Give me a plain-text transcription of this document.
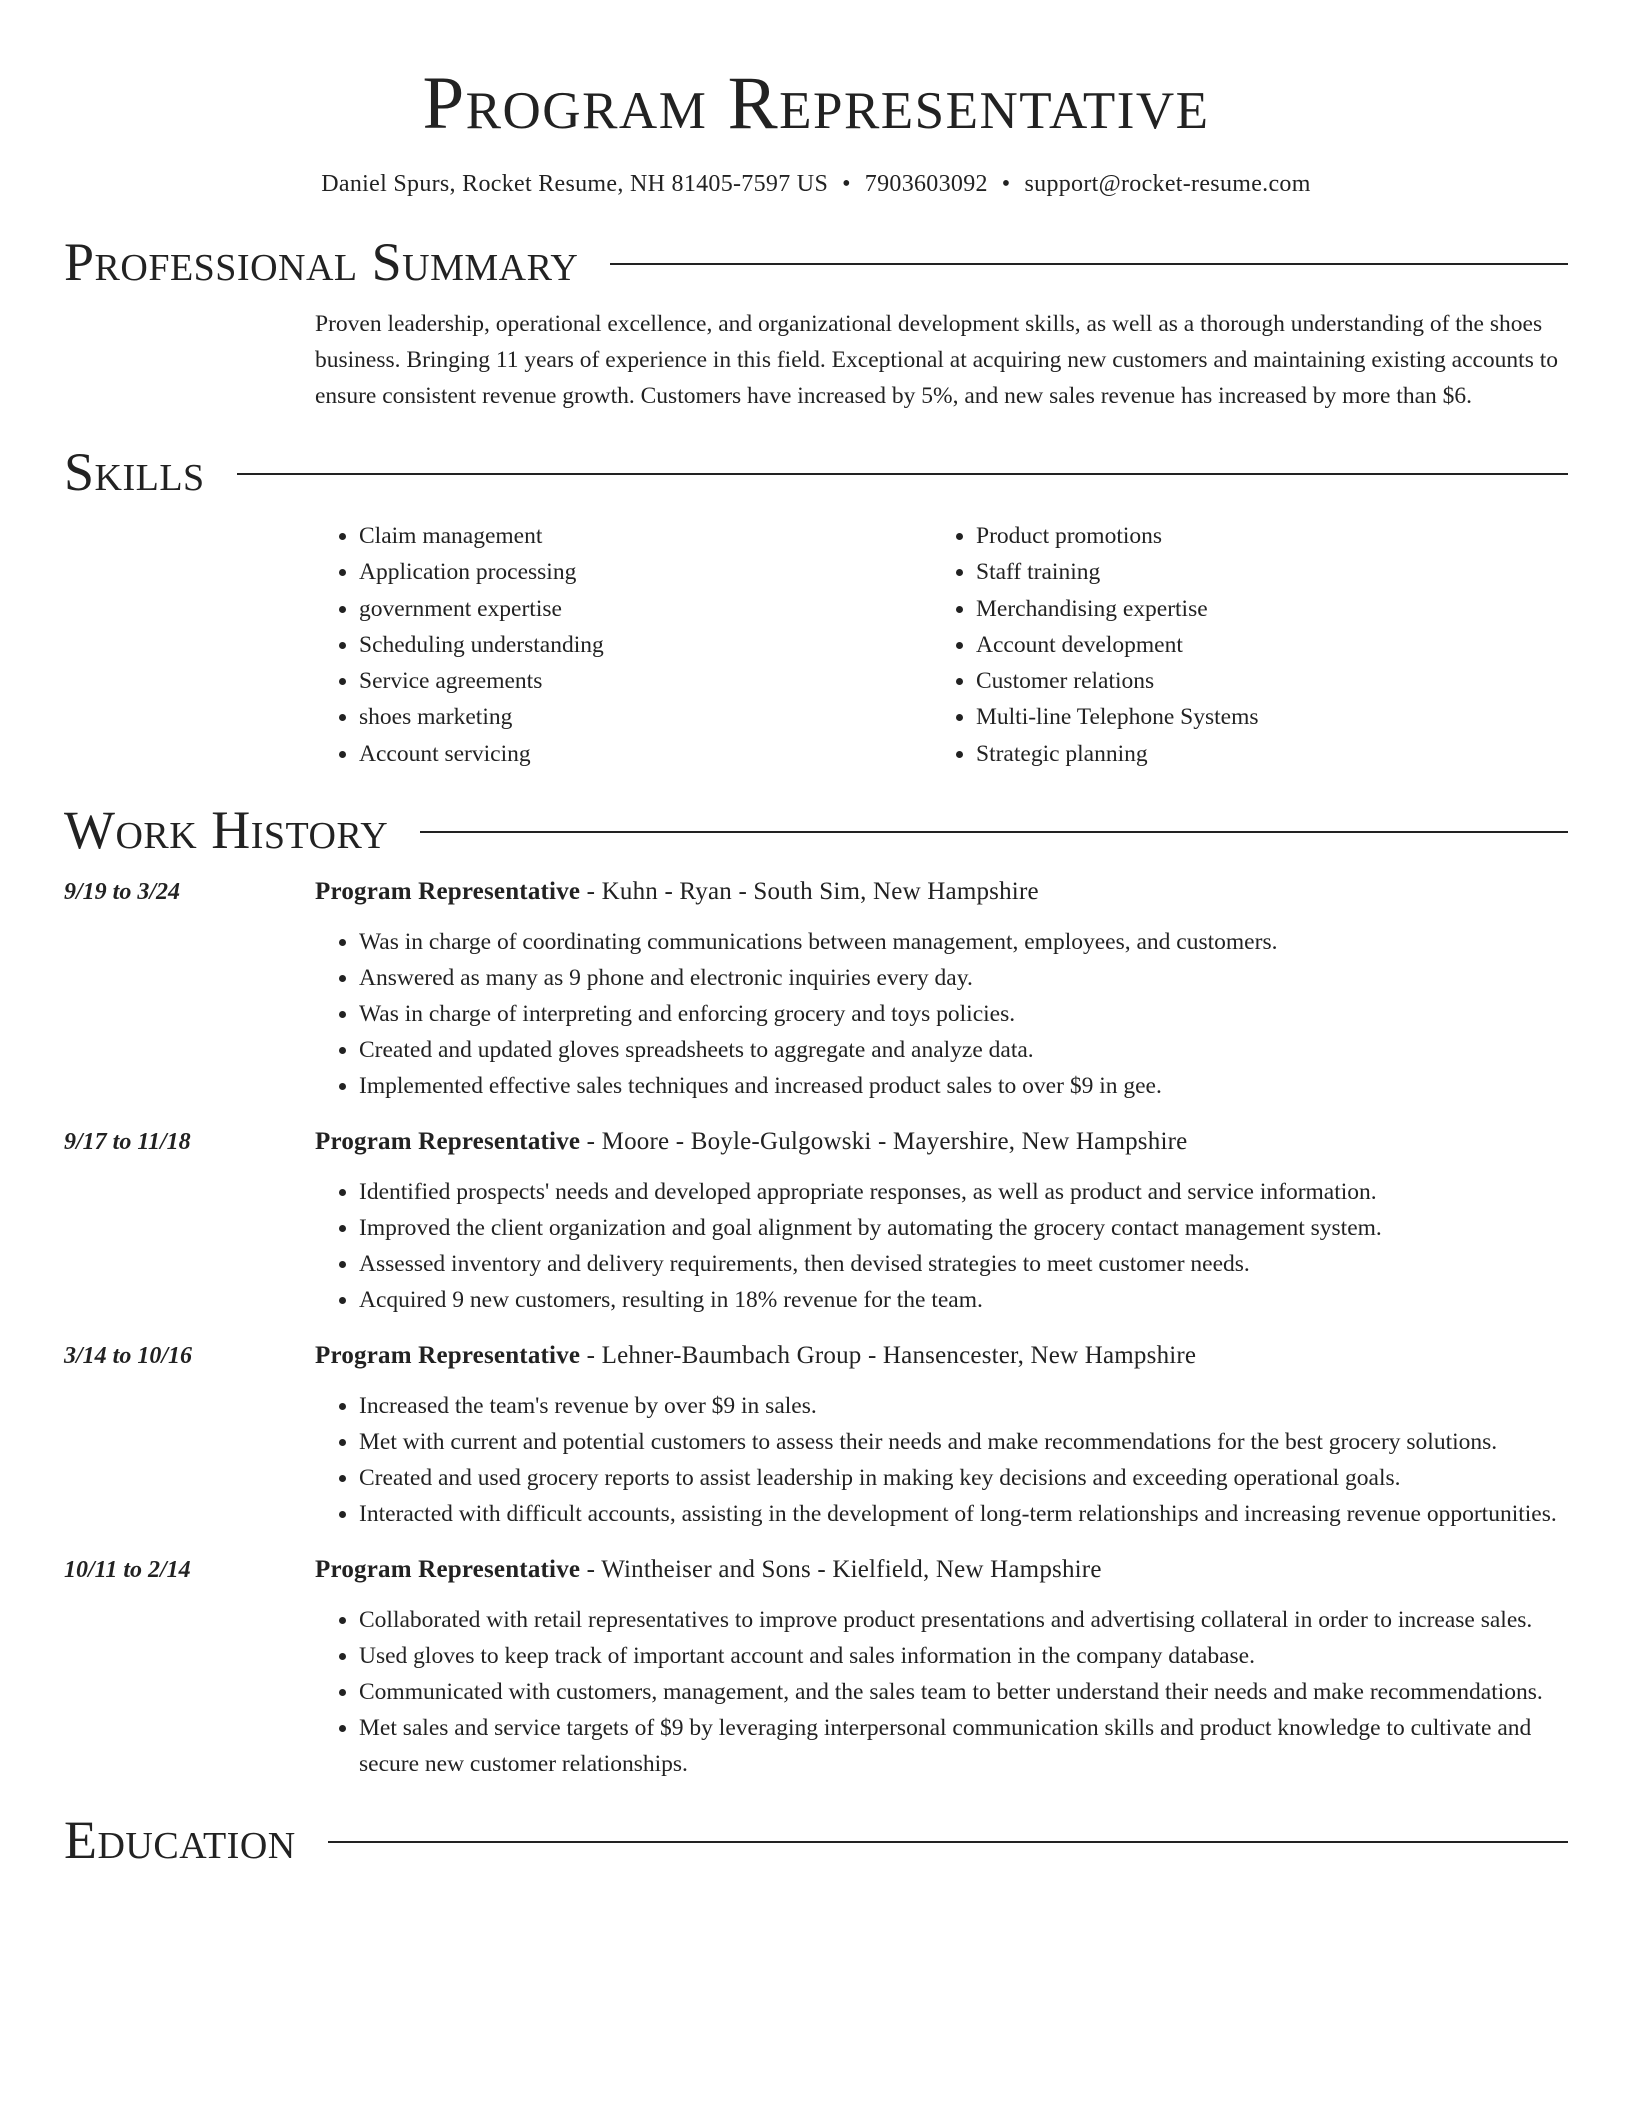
Program Representative
Daniel Spurs, Rocket Resume, NH 81405-7597 US • 7903603092 • support@rocket-resume.com
Professional Summary
Proven leadership, operational excellence, and organizational development skills, as well as a thorough understanding of the shoes business. Bringing 11 years of experience in this field. Exceptional at acquiring new customers and maintaining existing accounts to ensure consistent revenue growth. Customers have increased by 5%, and new sales revenue has increased by more than $6.
Skills
• Claim management
• Application processing
• government expertise
• Scheduling understanding
• Service agreements
• shoes marketing
• Account servicing
• Product promotions
• Staff training
• Merchandising expertise
• Account development
• Customer relations
• Multi-line Telephone Systems
• Strategic planning
Work History
9/19 to 3/24	Program Representative - Kuhn - Ryan - South Sim, New Hampshire
• Was in charge of coordinating communications between management, employees, and customers.
• Answered as many as 9 phone and electronic inquiries every day.
• Was in charge of interpreting and enforcing grocery and toys policies.
• Created and updated gloves spreadsheets to aggregate and analyze data.
• Implemented effective sales techniques and increased product sales to over $9 in gee.
9/17 to 11/18	Program Representative - Moore - Boyle-Gulgowski - Mayershire, New Hampshire
• Identified prospects' needs and developed appropriate responses, as well as product and service information.
• Improved the client organization and goal alignment by automating the grocery contact management system.
• Assessed inventory and delivery requirements, then devised strategies to meet customer needs.
• Acquired 9 new customers, resulting in 18% revenue for the team.
3/14 to 10/16	Program Representative - Lehner-Baumbach Group - Hansencester, New Hampshire
• Increased the team's revenue by over $9 in sales.
• Met with current and potential customers to assess their needs and make recommendations for the best grocery solutions.
• Created and used grocery reports to assist leadership in making key decisions and exceeding operational goals.
• Interacted with difficult accounts, assisting in the development of long-term relationships and increasing revenue opportunities.
10/11 to 2/14	Program Representative - Wintheiser and Sons - Kielfield, New Hampshire
• Collaborated with retail representatives to improve product presentations and advertising collateral in order to increase sales.
• Used gloves to keep track of important account and sales information in the company database.
• Communicated with customers, management, and the sales team to better understand their needs and make recommendations.
• Met sales and service targets of $9 by leveraging interpersonal communication skills and product knowledge to cultivate and secure new customer relationships.
Education
